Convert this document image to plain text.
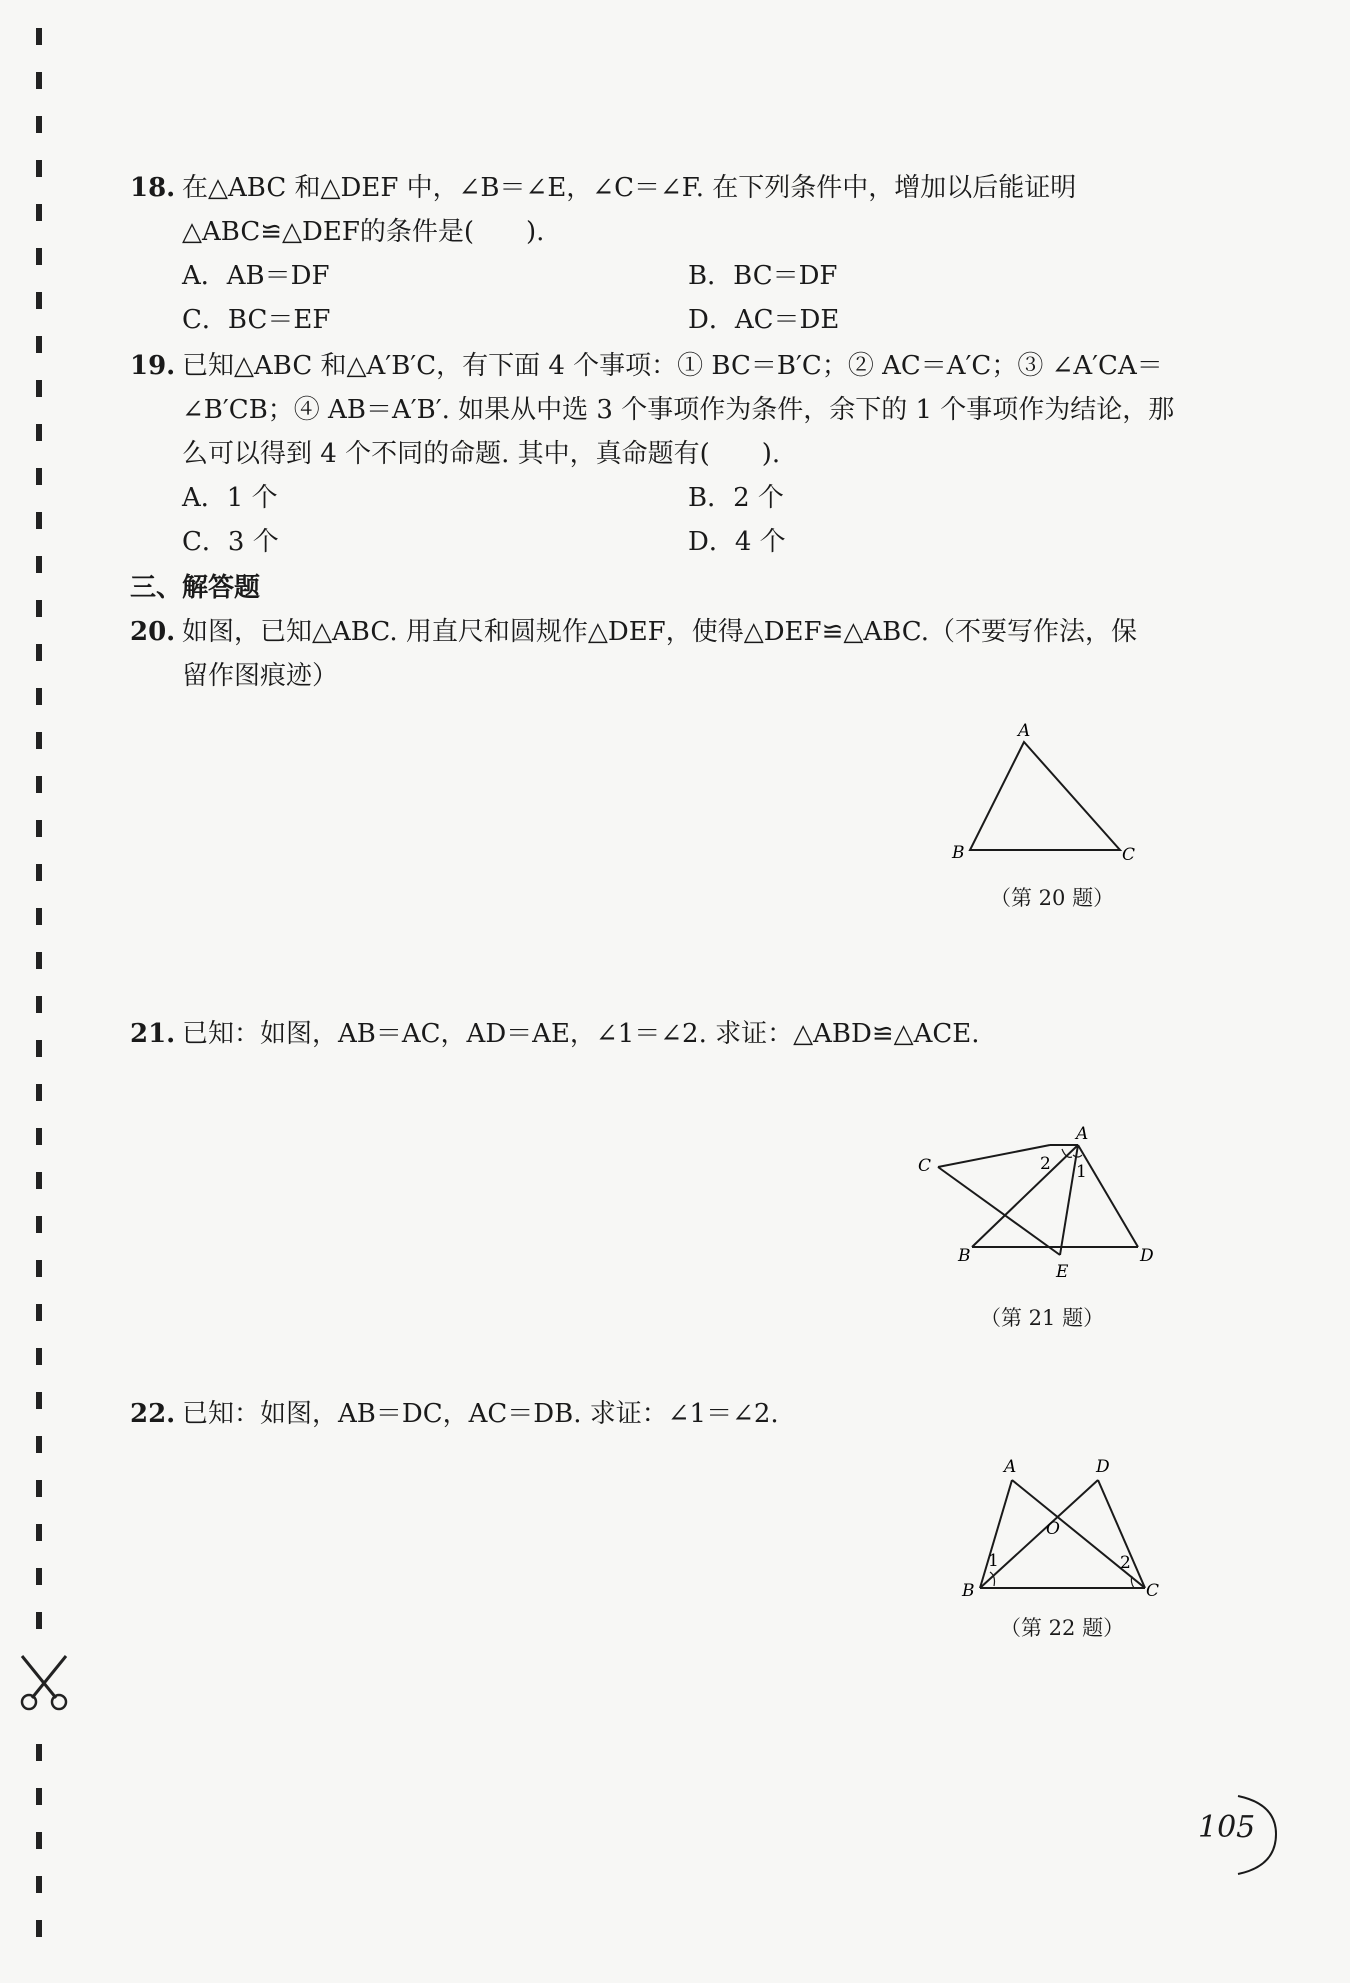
18. 在△ABC 和△DEF 中，∠B＝∠E，∠C＝∠F. 在下列条件中，增加以后能证明
△ABC≌△DEF的条件是(　　).
A．AB＝DF	B．BC＝DF
C．BC＝EF	D．AC＝DE
19. 已知△ABC 和△A′B′C，有下面 4 个事项：① BC＝B′C；② AC＝A′C；③ ∠A′CA＝
∠B′CB；④ AB＝A′B′. 如果从中选 3 个事项作为条件，余下的 1 个事项作为结论，那
么可以得到 4 个不同的命题. 其中，真命题有(　　).
A．1 个	B．2 个
C．3 个	D．4 个
三、解答题
20. 如图，已知△ABC. 用直尺和圆规作△DEF，使得△DEF≌△ABC.（不要写作法，保
留作图痕迹）
A
B	C
（第 20 题）
21. 已知：如图，AB＝AC，AD＝AE，∠1＝∠2. 求证：△ABD≌△ACE.
A
C
B	D
E
2 1
（第 21 题）
22. 已知：如图，AB＝DC，AC＝DB. 求证：∠1＝∠2.
A	D
O
B	C
1	2
（第 22 题）
105
